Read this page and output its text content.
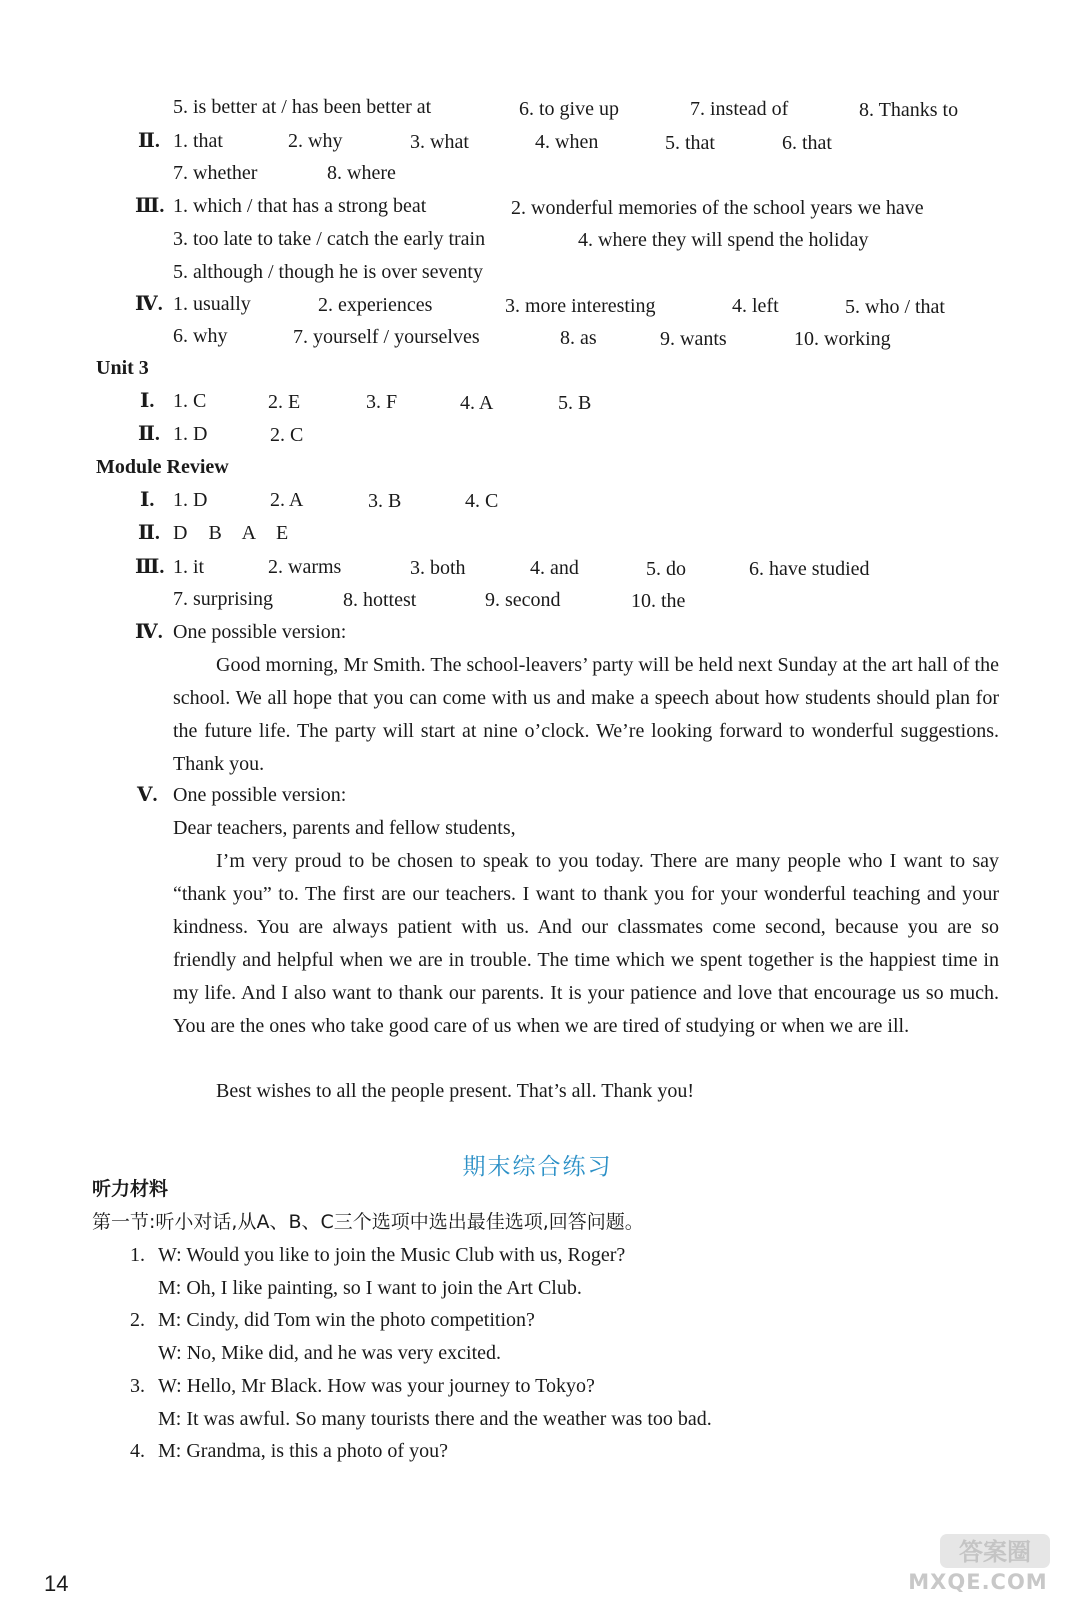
5. is better at / has been better at	6. to give up	7. instead of	8. Thanks to
Ⅱ. 1. that	2. why	3. what	4. when	5. that	6. that
7. whether	8. where
Ⅲ. 1. which / that has a strong beat	2. wonderful memories of the school years we have
3. too late to take / catch the early train	4. where they will spend the holiday
5. although / though he is over seventy
Ⅳ. 1. usually	2. experiences	3. more interesting	4. left	5. who / that
6. why	7. yourself / yourselves	8. as	9. wants	10. working
Unit 3
Ⅰ. 1. C	2. E	3. F	4. A	5. B
Ⅱ. 1. D	2. C
Module Review
Ⅰ. 1. D	2. A	3. B	4. C
Ⅱ. D B A E
Ⅲ. 1. it	2. warms	3. both	4. and	5. do	6. have studied
7. surprising	8. hottest	9. second	10. the
Ⅳ. One possible version:
Good morning, Mr Smith. The school-leavers’ party will be held next Sunday at the art hall of the school. We all hope that you can come with us and make a speech about how students should plan for the future life. The party will start at nine o’clock. We’re looking forward to wonderful suggestions. Thank you.
Ⅴ. One possible version:
Dear teachers, parents and fellow students,
I’m very proud to be chosen to speak to you today. There are many people who I want to say “thank you” to. The first are our teachers. I want to thank you for your wonderful teaching and your kindness. You are always patient with us. And our classmates come second, because you are so friendly and helpful when we are in trouble. The time which we spent together is the happiest time in my life. And I also want to thank our parents. It is your patience and love that encourage us so much. You are the ones who take good care of us when we are tired of studying or when we are ill.
Best wishes to all the people present. That’s all. Thank you!
期末综合练习
听力材料
第一节:听小对话,从A、B、C三个选项中选出最佳选项,回答问题。
1. W: Would you like to join the Music Club with us, Roger?
M: Oh, I like painting, so I want to join the Art Club.
2. M: Cindy, did Tom win the photo competition?
W: No, Mike did, and he was very excited.
3. W: Hello, Mr Black. How was your journey to Tokyo?
M: It was awful. So many tourists there and the weather was too bad.
4. M: Grandma, is this a photo of you?
14
答案圈
MXQE.COM
